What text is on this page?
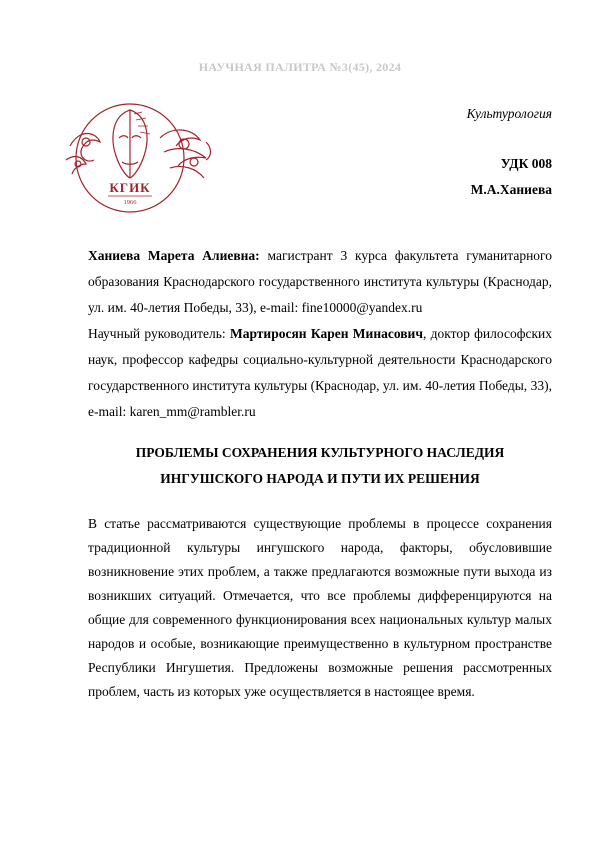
НАУЧНАЯ ПАЛИТРА №3(45), 2024
КГИК
1966
Культурология
УДК 008
М.А.Ханиева

Ханиева Марета Алиевна: магистрант 3 курса факультета гуманитарного образования Краснодарского государственного института культуры (Краснодар, ул. им. 40-летия Победы, 33), e-mail: fine10000@yandex.ru

Научный руководитель: Мартиросян Карен Минасович, доктор философских наук, профессор кафедры социально-культурной деятельности Краснодарского государственного института культуры (Краснодар, ул. им. 40-летия Победы, 33), e-mail: karen_mm@rambler.ru

ПРОБЛЕМЫ СОХРАНЕНИЯ КУЛЬТУРНОГО НАСЛЕДИЯ
ИНГУШСКОГО НАРОДА И ПУТИ ИХ РЕШЕНИЯ

В статье рассматриваются существующие проблемы в процессе сохранения традиционной культуры ингушского народа, факторы, обусловившие возникновение этих проблем, а также предлагаются возможные пути выхода из возникших ситуаций. Отмечается, что все проблемы дифференцируются на общие для современного функционирования всех национальных культур малых народов и особые, возникающие преимущественно в культурном пространстве Республики Ингушетия. Предложены возможные решения рассмотренных проблем, часть из которых уже осуществляется в настоящее время.
